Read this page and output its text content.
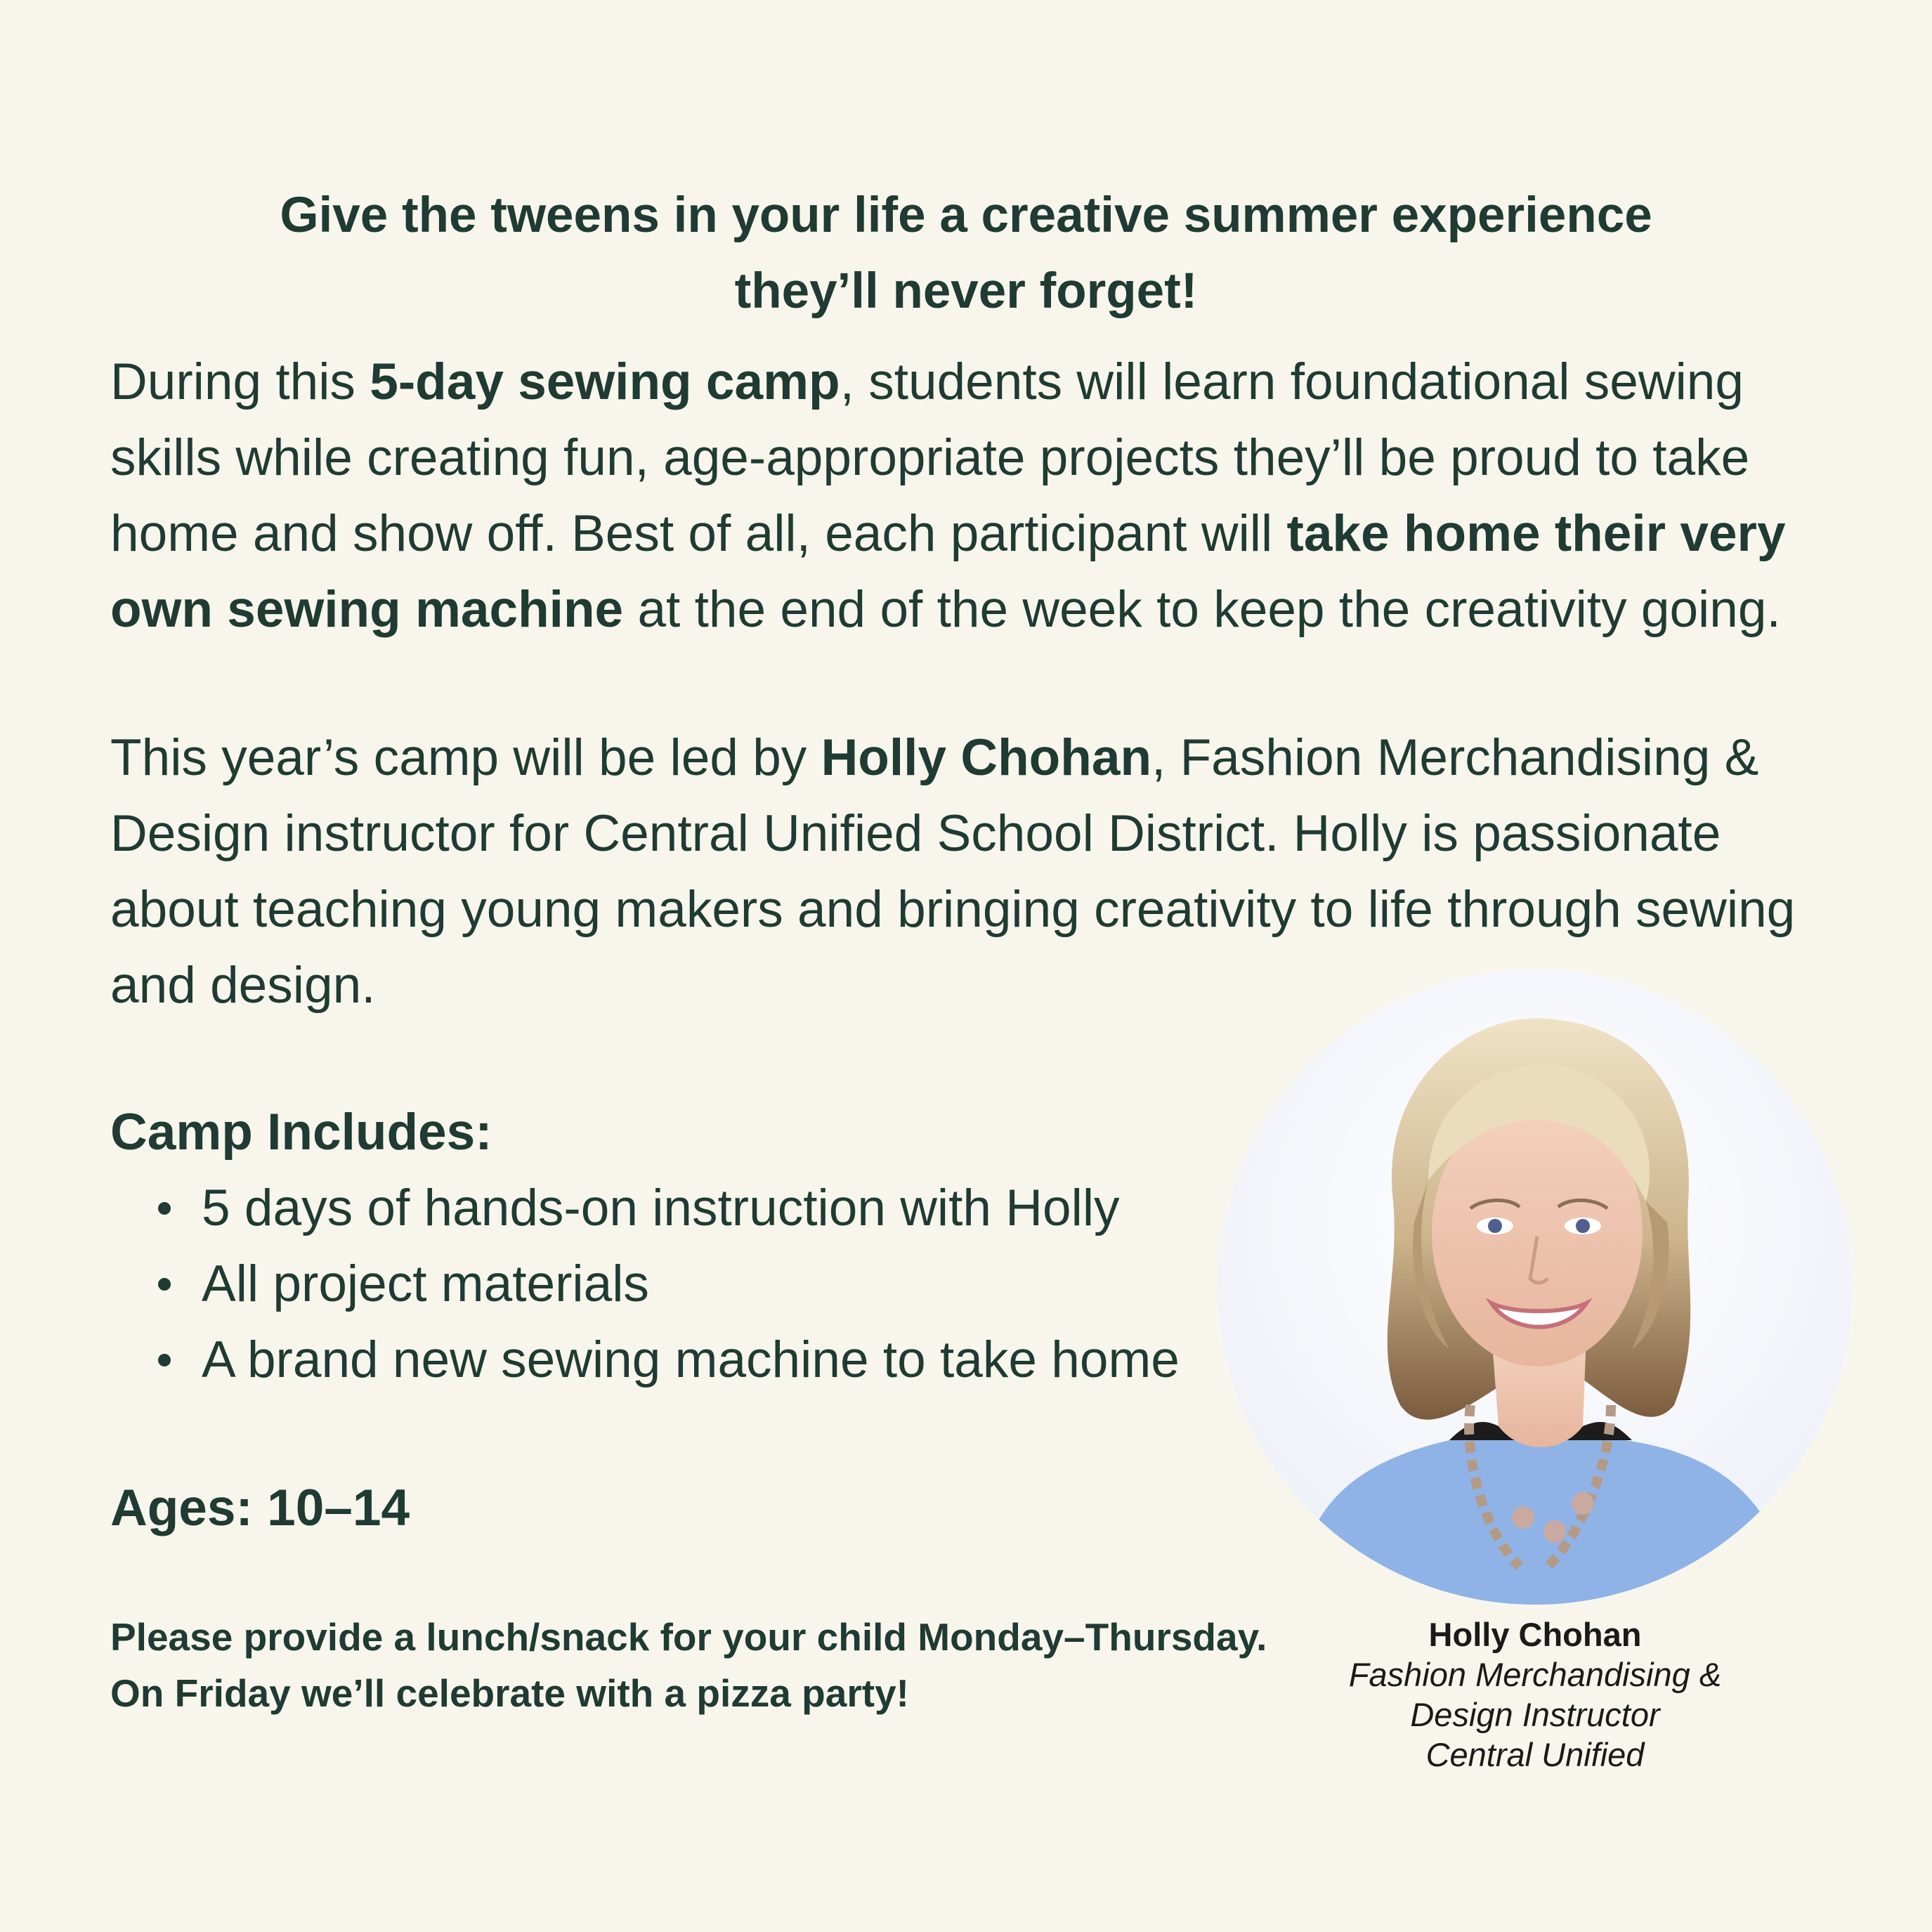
Give the tweens in your life a creative summer experience
they’ll never forget!

During this 5-day sewing camp, students will learn foundational sewing skills while creating fun, age-appropriate projects they’ll be proud to take home and show off. Best of all, each participant will take home their very own sewing machine at the end of the week to keep the creativity going.

This year’s camp will be led by Holly Chohan, Fashion Merchandising & Design instructor for Central Unified School District. Holly is passionate about teaching young makers and bringing creativity to life through sewing and design.

Camp Includes:
5 days of hands-on instruction with Holly
All project materials
A brand new sewing machine to take home
Ages: 10–14
Please provide a lunch/snack for your child Monday–Thursday.
On Friday we’ll celebrate with a pizza party!
Holly Chohan
Fashion Merchandising &
Design Instructor
Central Unified
